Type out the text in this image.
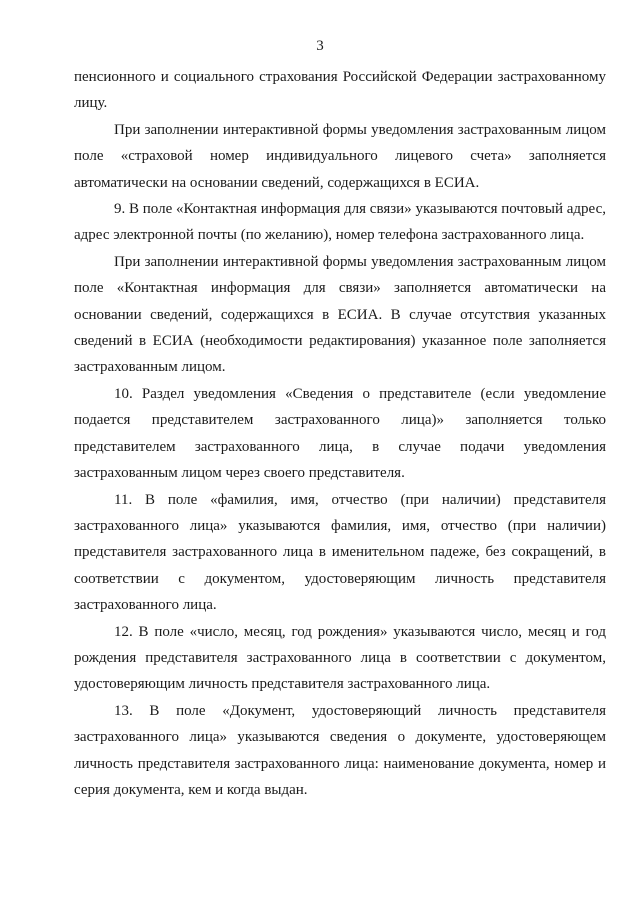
3

пенсионного и социального страхования Российской Федерации застрахованному лицу.

При заполнении интерактивной формы уведомления застрахованным лицом поле «страховой номер индивидуального лицевого счета» заполняется автоматически на основании сведений, содержащихся в ЕСИА.

9. В поле «Контактная информация для связи» указываются почтовый адрес, адрес электронной почты (по желанию), номер телефона застрахованного лица.

При заполнении интерактивной формы уведомления застрахованным лицом поле «Контактная информация для связи» заполняется автоматически на основании сведений, содержащихся в ЕСИА. В случае отсутствия указанных сведений в ЕСИА (необходимости редактирования) указанное поле заполняется застрахованным лицом.

10. Раздел уведомления «Сведения о представителе (если уведомление подается представителем застрахованного лица)» заполняется только представителем застрахованного лица, в случае подачи уведомления застрахованным лицом через своего представителя.

11. В поле «фамилия, имя, отчество (при наличии) представителя застрахованного лица» указываются фамилия, имя, отчество (при наличии) представителя застрахованного лица в именительном падеже, без сокращений, в соответствии с документом, удостоверяющим личность представителя застрахованного лица.

12. В поле «число, месяц, год рождения» указываются число, месяц и год рождения представителя застрахованного лица в соответствии с документом, удостоверяющим личность представителя застрахованного лица.

13. В поле «Документ, удостоверяющий личность представителя застрахованного лица» указываются сведения о документе, удостоверяющем личность представителя застрахованного лица: наименование документа, номер и серия документа, кем и когда выдан.
